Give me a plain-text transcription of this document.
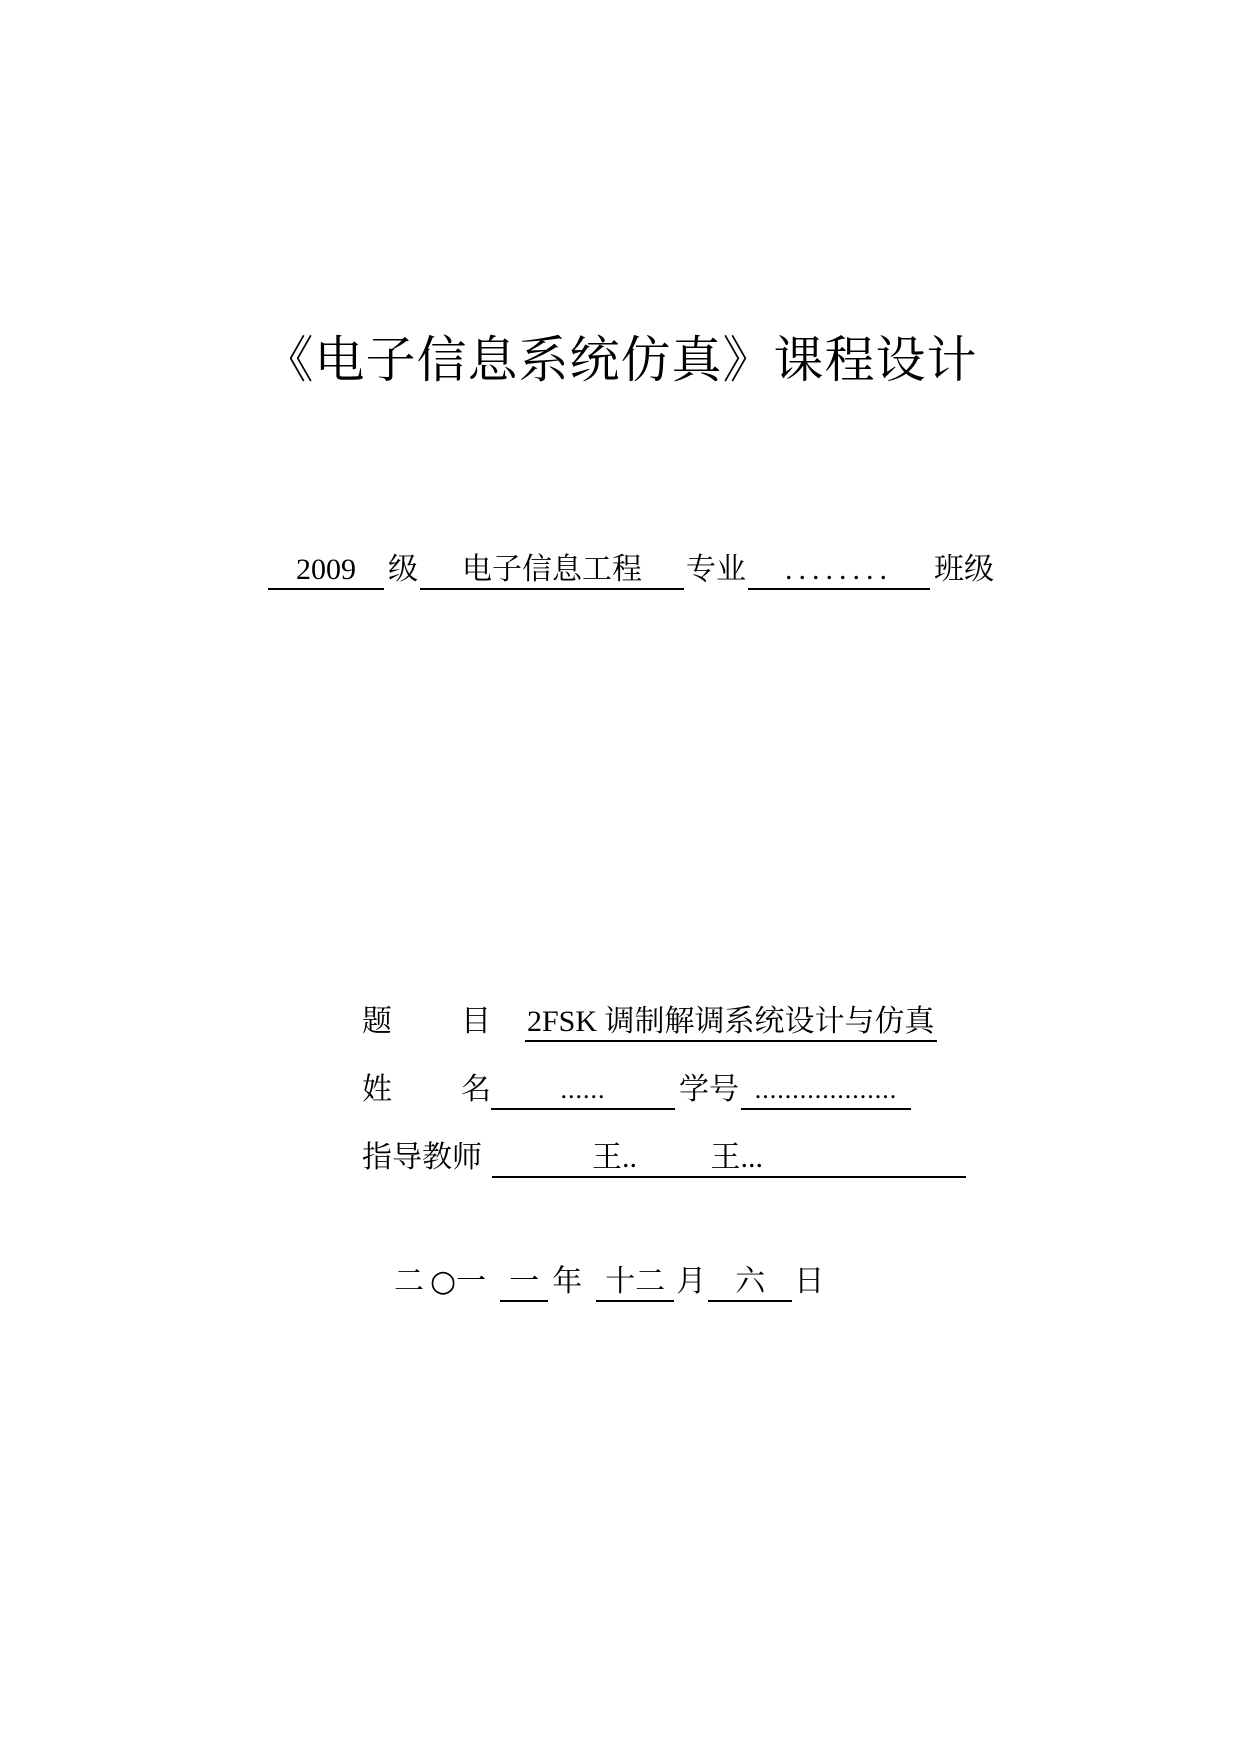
《电子信息系统仿真》课程设计
2009	级	电子信息工程	专业	........	班级
题	目	2FSK 调制解调系统设计与仿真
姓	名	......	学号 ...................
指导教师	王.. 王...
二 ○一 一 年 十二 月 六 日
